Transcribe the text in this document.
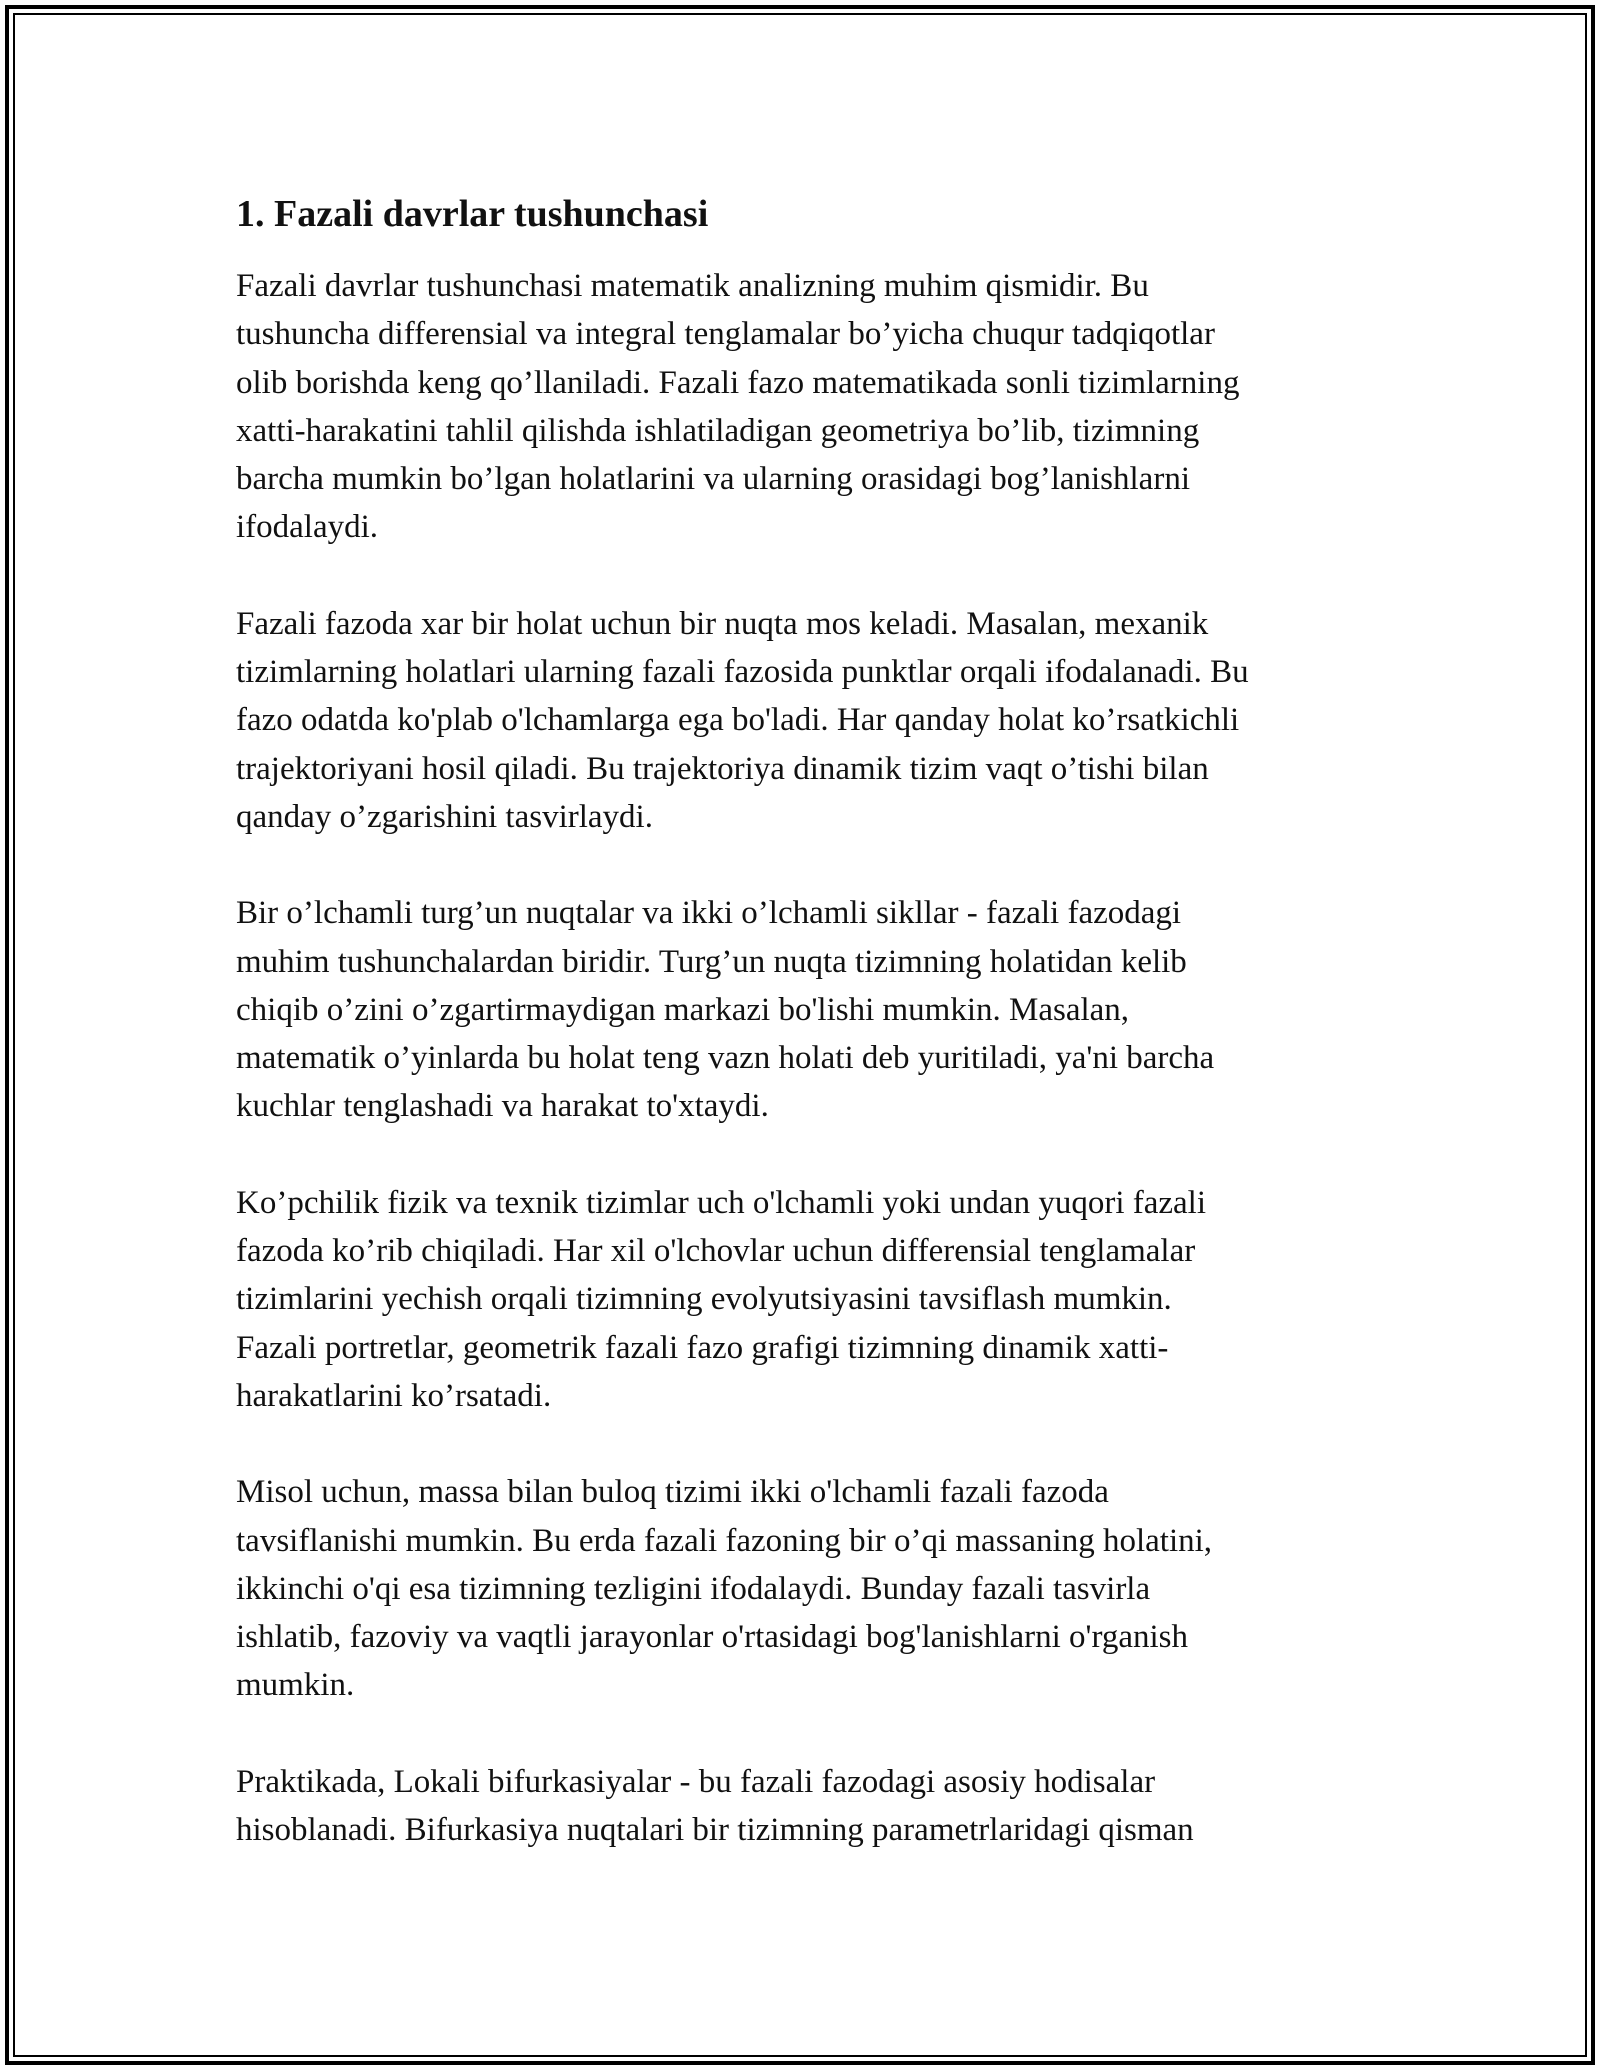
1. Fazali davrlar tushunchasi

Fazali davrlar tushunchasi matematik analizning muhim qismidir. Bu
tushuncha differensial va integral tenglamalar bo’yicha chuqur tadqiqotlar
olib borishda keng qo’llaniladi. Fazali fazo matematikada sonli tizimlarning
xatti-harakatini tahlil qilishda ishlatiladigan geometriya bo’lib, tizimning
barcha mumkin bo’lgan holatlarini va ularning orasidagi bog’lanishlarni
ifodalaydi.

Fazali fazoda xar bir holat uchun bir nuqta mos keladi. Masalan, mexanik
tizimlarning holatlari ularning fazali fazosida punktlar orqali ifodalanadi. Bu
fazo odatda ko'plab o'lchamlarga ega bo'ladi. Har qanday holat ko’rsatkichli
trajektoriyani hosil qiladi. Bu trajektoriya dinamik tizim vaqt o’tishi bilan
qanday o’zgarishini tasvirlaydi.

Bir o’lchamli turg’un nuqtalar va ikki o’lchamli sikllar - fazali fazodagi
muhim tushunchalardan biridir. Turg’un nuqta tizimning holatidan kelib
chiqib o’zini o’zgartirmaydigan markazi bo'lishi mumkin. Masalan,
matematik o’yinlarda bu holat teng vazn holati deb yuritiladi, ya'ni barcha
kuchlar tenglashadi va harakat to'xtaydi.

Ko’pchilik fizik va texnik tizimlar uch o'lchamli yoki undan yuqori fazali
fazoda ko’rib chiqiladi. Har xil o'lchovlar uchun differensial tenglamalar
tizimlarini yechish orqali tizimning evolyutsiyasini tavsiflash mumkin.
Fazali portretlar, geometrik fazali fazo grafigi tizimning dinamik xatti-
harakatlarini ko’rsatadi.

Misol uchun, massa bilan buloq tizimi ikki o'lchamli fazali fazoda
tavsiflanishi mumkin. Bu erda fazali fazoning bir o’qi massaning holatini,
ikkinchi o'qi esa tizimning tezligini ifodalaydi. Bunday fazali tasvirla
ishlatib, fazoviy va vaqtli jarayonlar o'rtasidagi bog'lanishlarni o'rganish
mumkin.

Praktikada, Lokali bifurkasiyalar - bu fazali fazodagi asosiy hodisalar
hisoblanadi. Bifurkasiya nuqtalari bir tizimning parametrlaridagi qisman
